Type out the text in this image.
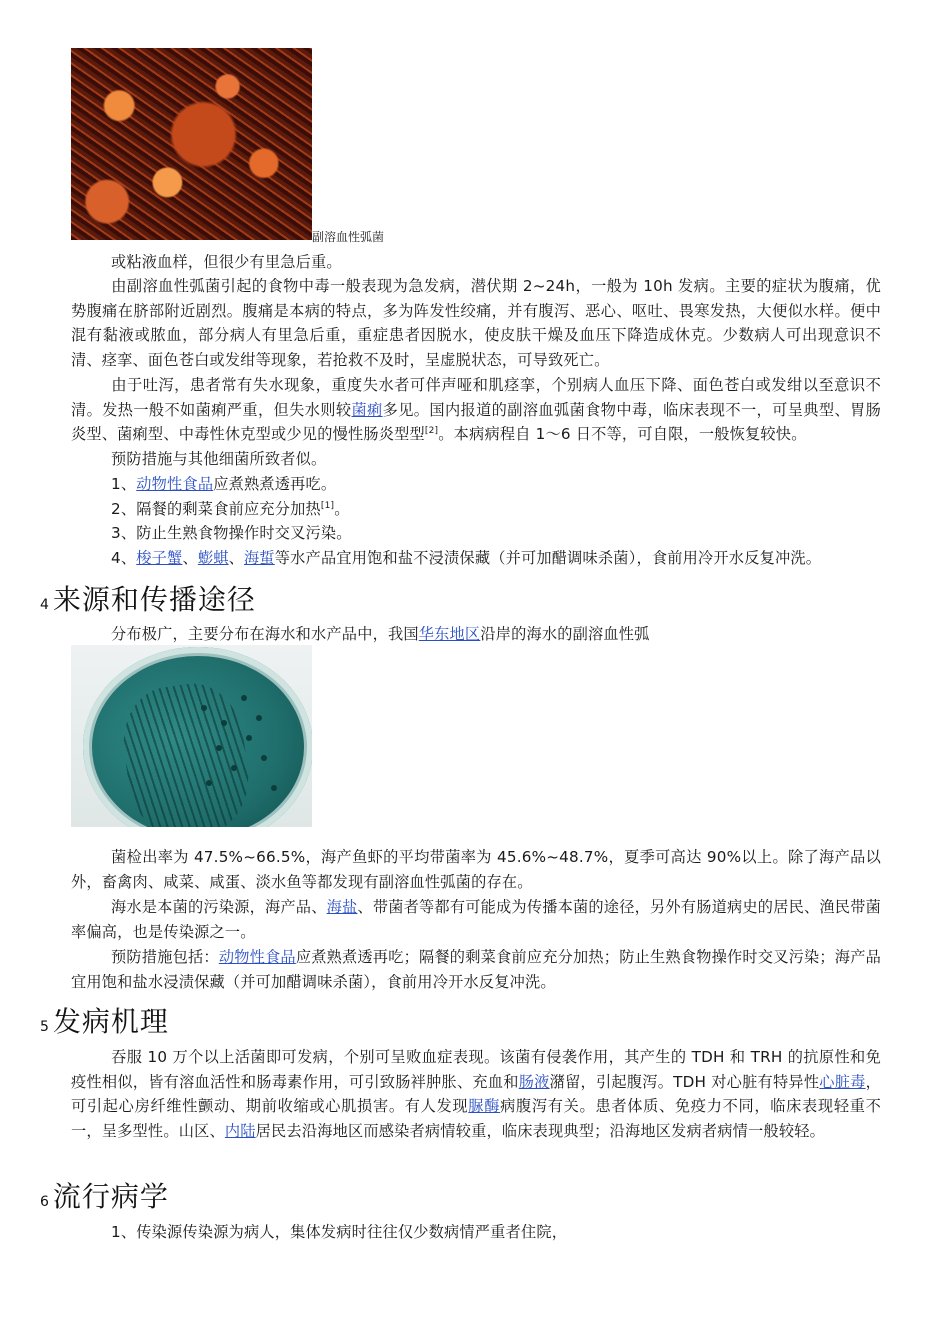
副溶血性弧菌

或粘液血样，但很少有里急后重。

由副溶血性弧菌引起的食物中毒一般表现为急发病，潜伏期 2~24h，一般为 10h 发病。主要的症状为腹痛，优势腹痛在脐部附近剧烈。腹痛是本病的特点，多为阵发性绞痛，并有腹泻、恶心、呕吐、畏寒发热，大便似水样。便中混有黏液或脓血，部分病人有里急后重，重症患者因脱水，使皮肤干燥及血压下降造成休克。少数病人可出现意识不清、痉挛、面色苍白或发绀等现象，若抢救不及时，呈虚脱状态，可导致死亡。

由于吐泻，患者常有失水现象，重度失水者可伴声哑和肌痉挛，个别病人血压下降、面色苍白或发绀以至意识不清。发热一般不如菌痢严重，但失水则较菌痢多见。国内报道的副溶血弧菌食物中毒，临床表现不一，可呈典型、胃肠炎型、菌痢型、中毒性休克型或少见的慢性肠炎型型[2]。本病病程自 1～6 日不等，可自限，一般恢复较快。

预防措施与其他细菌所致者似。

1、动物性食品应煮熟煮透再吃。

2、隔餐的剩菜食前应充分加热[1]。

3、防止生熟食物操作时交叉污染。

4、梭子蟹、蟛蜞、海蜇等水产品宜用饱和盐不浸渍保藏（并可加醋调味杀菌），食前用冷开水反复冲洗。

4 来源和传播途径

分布极广，主要分布在海水和水产品中，我国华东地区沿岸的海水的副溶血性弧

菌检出率为 47.5%~66.5%，海产鱼虾的平均带菌率为 45.6%~48.7%，夏季可高达 90%以上。除了海产品以外，畜禽肉、咸菜、咸蛋、淡水鱼等都发现有副溶血性弧菌的存在。

海水是本菌的污染源，海产品、海盐、带菌者等都有可能成为传播本菌的途径，另外有肠道病史的居民、渔民带菌率偏高，也是传染源之一。

预防措施包括：动物性食品应煮熟煮透再吃；隔餐的剩菜食前应充分加热；防止生熟食物操作时交叉污染；海产品宜用饱和盐水浸渍保藏（并可加醋调味杀菌），食前用冷开水反复冲洗。

5 发病机理

吞服 10 万个以上活菌即可发病，个别可呈败血症表现。该菌有侵袭作用，其产生的 TDH 和 TRH 的抗原性和免疫性相似，皆有溶血活性和肠毒素作用，可引致肠袢肿胀、充血和肠液潴留，引起腹泻。TDH 对心脏有特异性心脏毒，可引起心房纤维性颤动、期前收缩或心肌损害。有人发现脲酶病腹泻有关。患者体质、免疫力不同，临床表现轻重不一，呈多型性。山区、内陆居民去沿海地区而感染者病情较重，临床表现典型；沿海地区发病者病情一般较轻。

6 流行病学

1、传染源传染源为病人，集体发病时往往仅少数病情严重者住院，
